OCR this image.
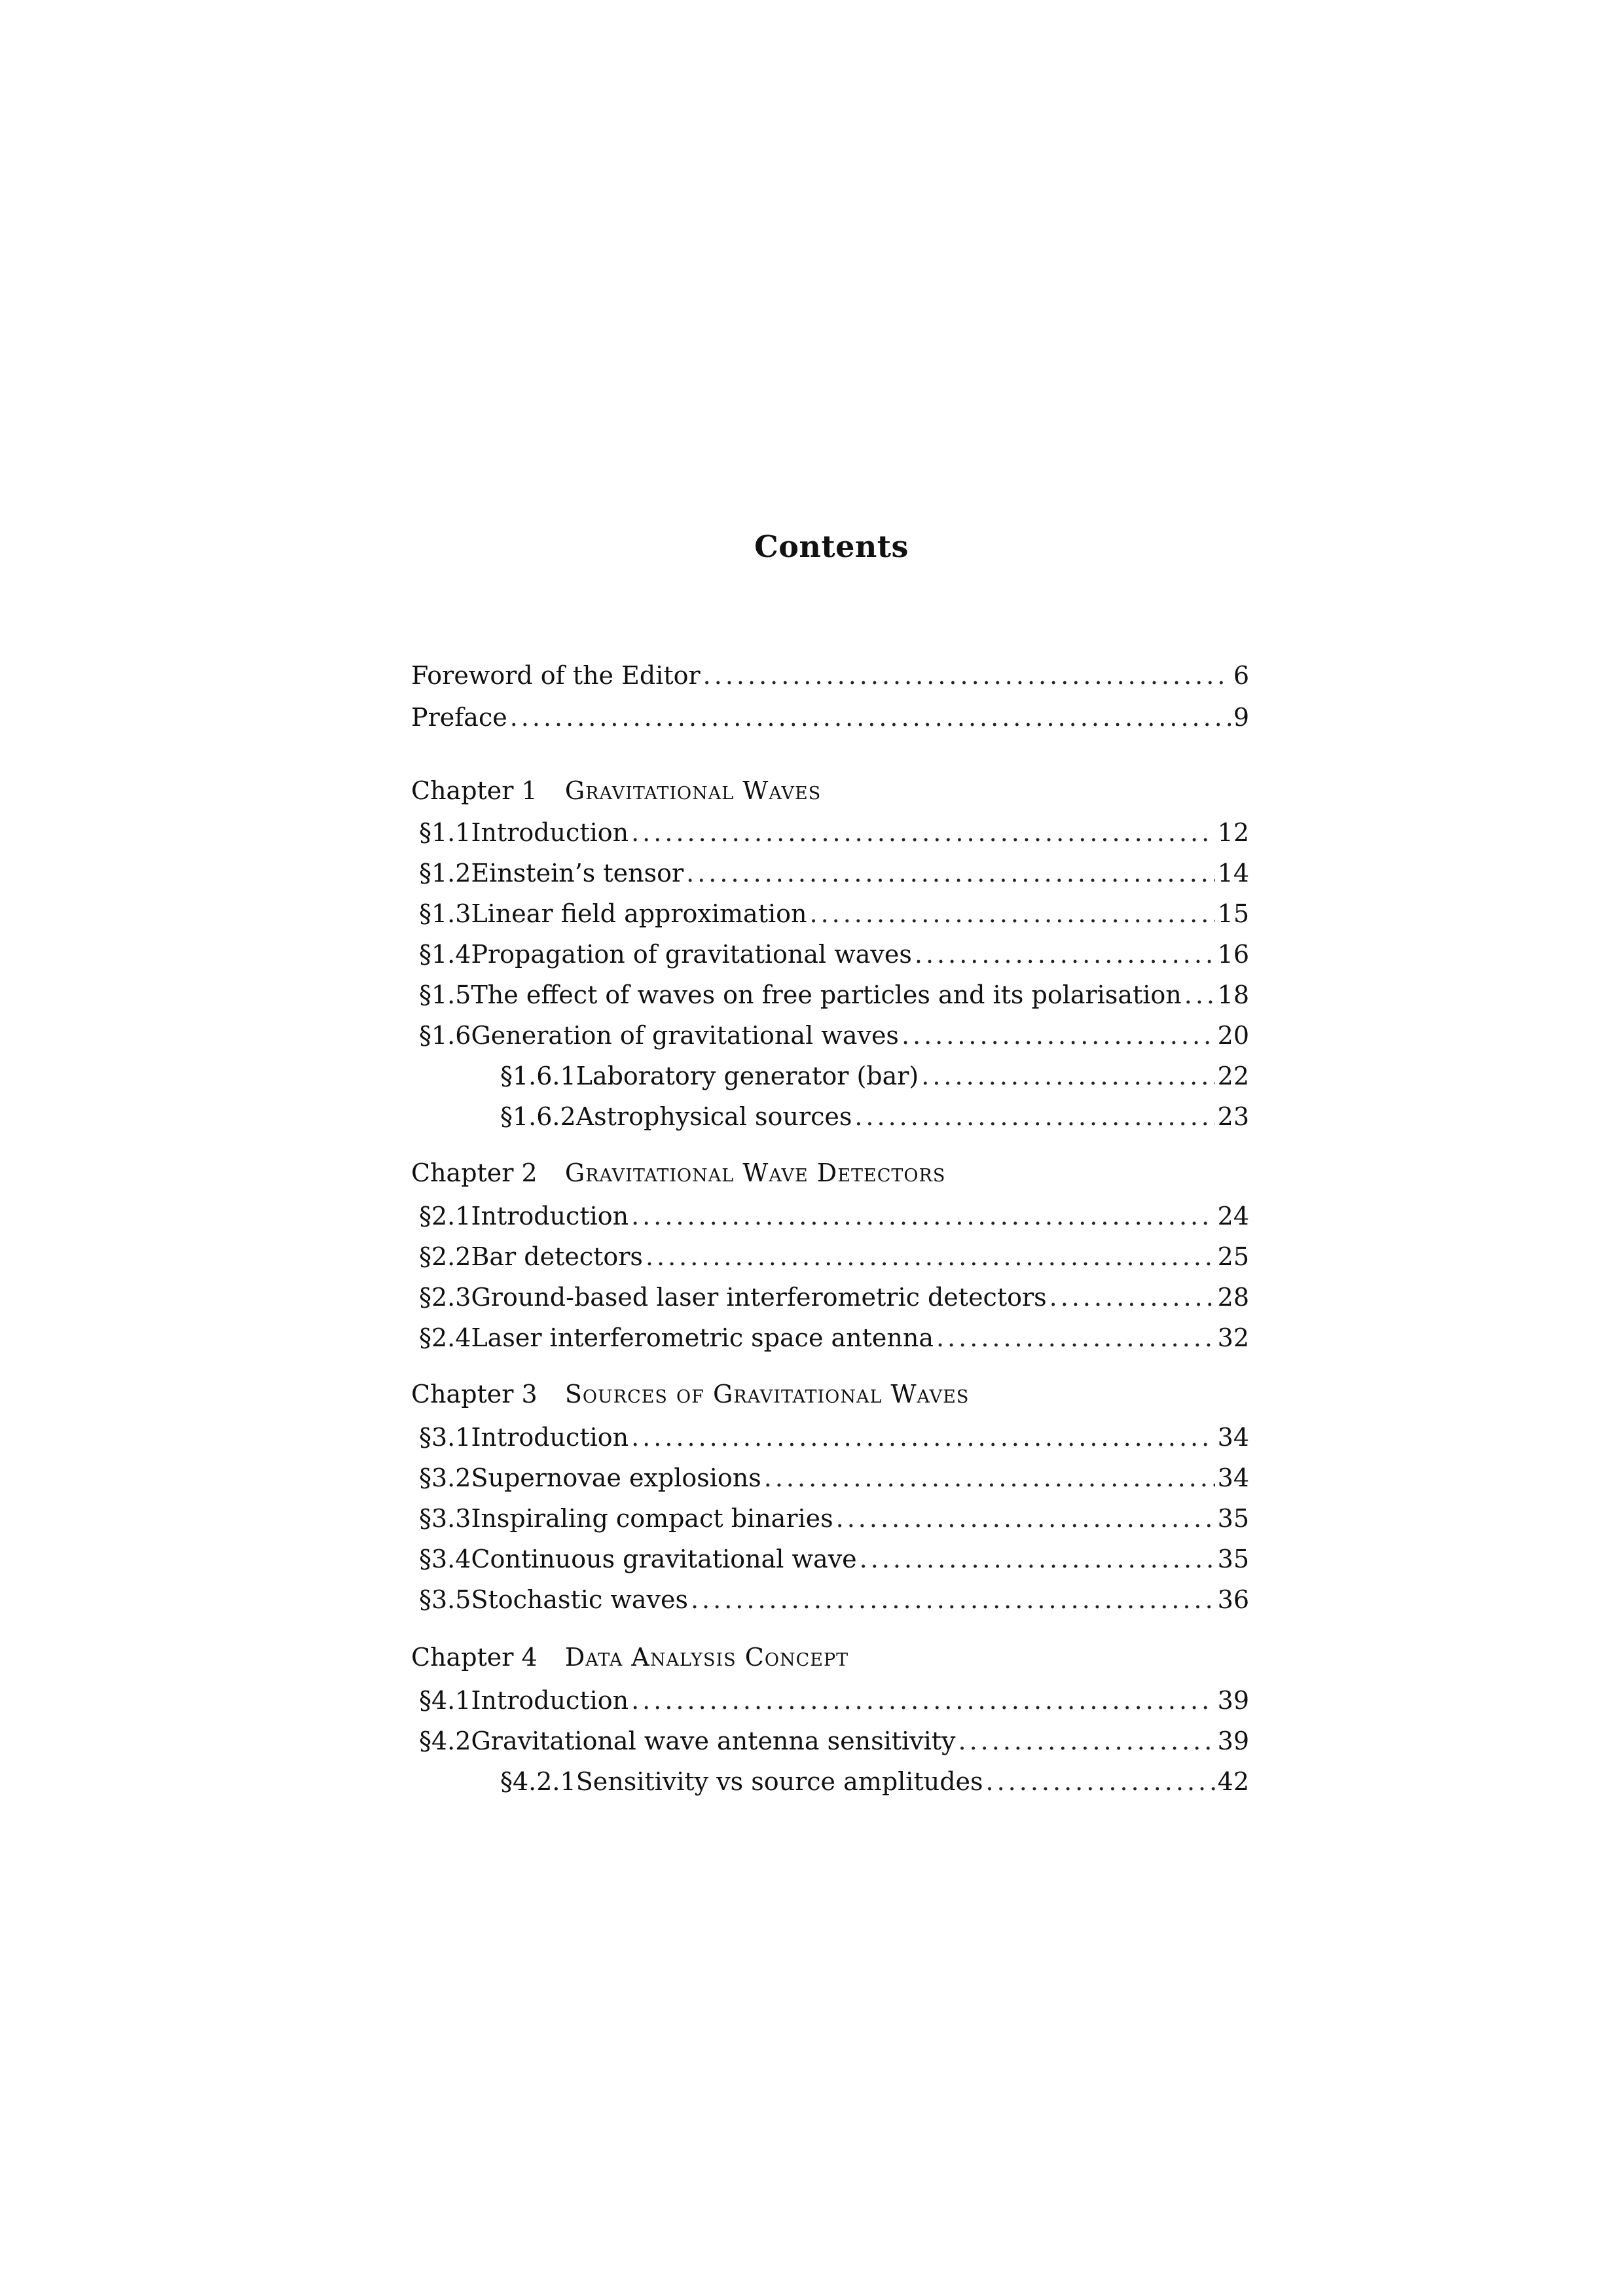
Contents
Foreword of the Editor .....	6
Preface .....	9
Chapter 1 Gravitational Waves
§1.1 Introduction .....	12
§1.2 Einstein’s tensor .....	14
§1.3 Linear field approximation .....	15
§1.4 Propagation of gravitational waves .....	16
§1.5 The effect of waves on free particles and its polarisation ..... 18
§1.6 Generation of gravitational waves .....	20
§1.6.1 Laboratory generator (bar) .....	22
§1.6.2 Astrophysical sources .....	23
Chapter 2 Gravitational Wave Detectors
§2.1 Introduction .....	24
§2.2 Bar detectors .....	25
§2.3 Ground-based laser interferometric detectors .....	28
§2.4 Laser interferometric space antenna .....	32
Chapter 3 Sources of Gravitational Waves
§3.1 Introduction .....	34
§3.2 Supernovae explosions .....	34
§3.3 Inspiraling compact binaries .....	35
§3.4 Continuous gravitational wave .....	35
§3.5 Stochastic waves .....	36
Chapter 4 Data Analysis Concept
§4.1 Introduction .....	39
§4.2 Gravitational wave antenna sensitivity .....	39
§4.2.1 Sensitivity vs source amplitudes .....	42
